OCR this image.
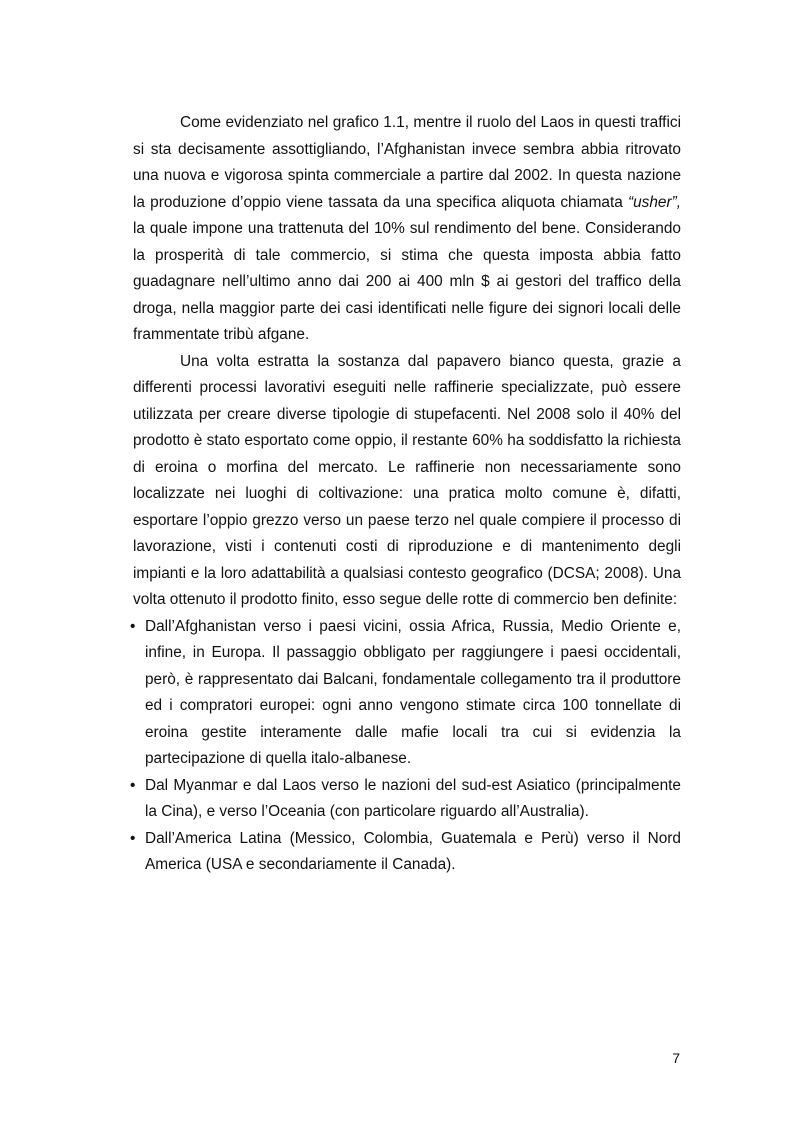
Come evidenziato nel grafico 1.1, mentre il ruolo del Laos in questi traffici si sta decisamente assottigliando, l’Afghanistan invece sembra abbia ritrovato una nuova e vigorosa spinta commerciale a partire dal 2002. In questa nazione la produzione d’oppio viene tassata da una specifica aliquota chiamata “usher”, la quale impone una trattenuta del 10% sul rendimento del bene. Considerando la prosperità di tale commercio, si stima che questa imposta abbia fatto guadagnare nell’ultimo anno dai 200 ai 400 mln $ ai gestori del traffico della droga, nella maggior parte dei casi identificati nelle figure dei signori locali delle frammentate tribù afgane.

Una volta estratta la sostanza dal papavero bianco questa, grazie a differenti processi lavorativi eseguiti nelle raffinerie specializzate, può essere utilizzata per creare diverse tipologie di stupefacenti. Nel 2008 solo il 40% del prodotto è stato esportato come oppio, il restante 60% ha soddisfatto la richiesta di eroina o morfina del mercato. Le raffinerie non necessariamente sono localizzate nei luoghi di coltivazione: una pratica molto comune è, difatti, esportare l’oppio grezzo verso un paese terzo nel quale compiere il processo di lavorazione, visti i contenuti costi di riproduzione e di mantenimento degli impianti e la loro adattabilità a qualsiasi contesto geografico (DCSA; 2008). Una volta ottenuto il prodotto finito, esso segue delle rotte di commercio ben definite:

• Dall’Afghanistan verso i paesi vicini, ossia Africa, Russia, Medio Oriente e, infine, in Europa. Il passaggio obbligato per raggiungere i paesi occidentali, però, è rappresentato dai Balcani, fondamentale collegamento tra il produttore ed i compratori europei: ogni anno vengono stimate circa 100 tonnellate di eroina gestite interamente dalle mafie locali tra cui si evidenzia la partecipazione di quella italo-albanese.
• Dal Myanmar e dal Laos verso le nazioni del sud-est Asiatico (principalmente la Cina), e verso l’Oceania (con particolare riguardo all’Australia).
• Dall’America Latina (Messico, Colombia, Guatemala e Perù) verso il Nord America (USA e secondariamente il Canada).
7
